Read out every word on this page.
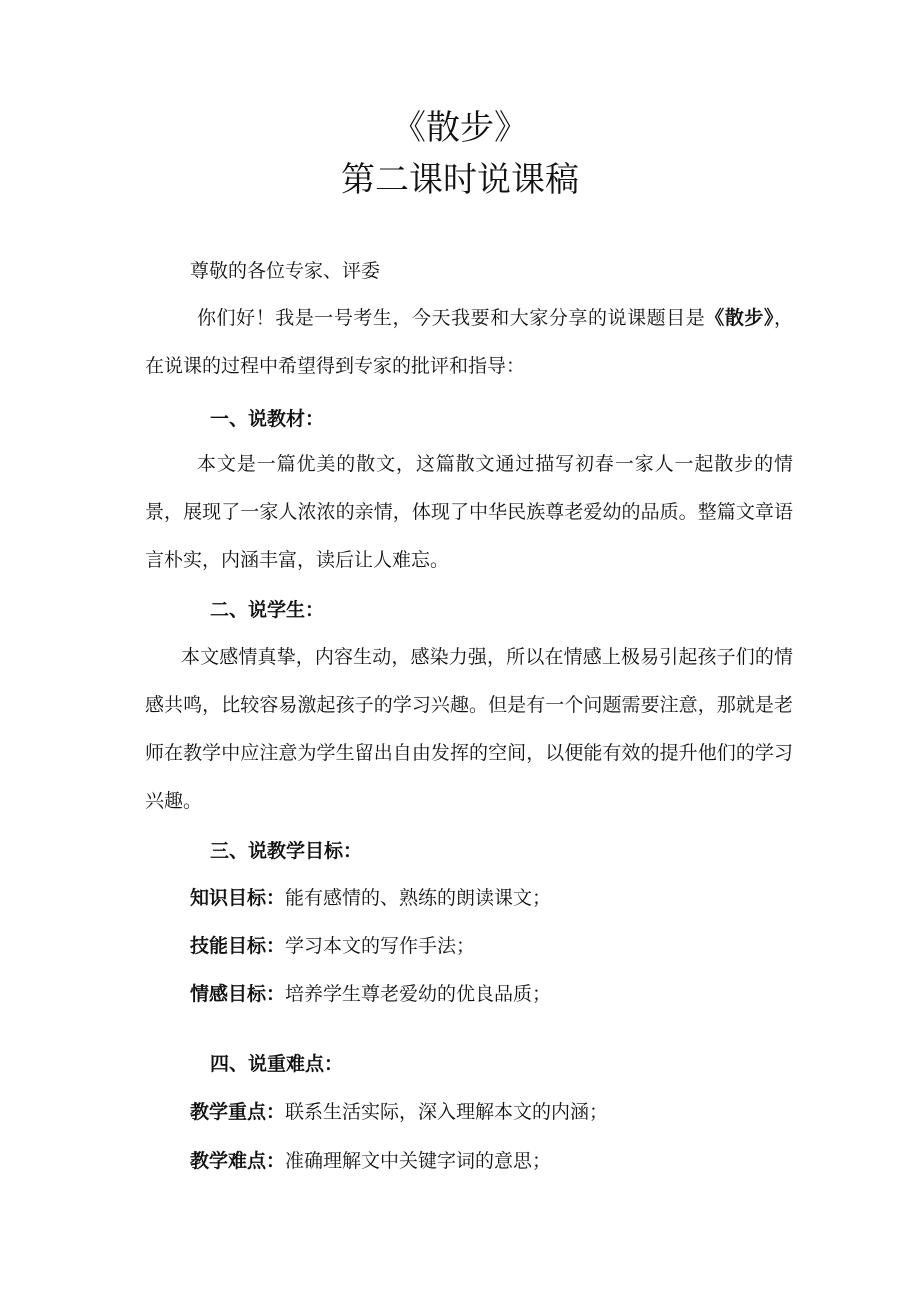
《散步》
第二课时说课稿

尊敬的各位专家、评委

你们好！我是一号考生，今天我要和大家分享的说课题目是《散步》，在说课的过程中希望得到专家的批评和指导：

一、说教材：

本文是一篇优美的散文，这篇散文通过描写初春一家人一起散步的情景，展现了一家人浓浓的亲情，体现了中华民族尊老爱幼的品质。整篇文章语言朴实，内涵丰富，读后让人难忘。

二、说学生：

本文感情真挚，内容生动，感染力强，所以在情感上极易引起孩子们的情感共鸣，比较容易激起孩子的学习兴趣。但是有一个问题需要注意，那就是老师在教学中应注意为学生留出自由发挥的空间，以便能有效的提升他们的学习兴趣。

三、说教学目标：

知识目标：能有感情的、熟练的朗读课文；

技能目标：学习本文的写作手法；

情感目标：培养学生尊老爱幼的优良品质；

四、说重难点：

教学重点：联系生活实际，深入理解本文的内涵；

教学难点：准确理解文中关键字词的意思；
